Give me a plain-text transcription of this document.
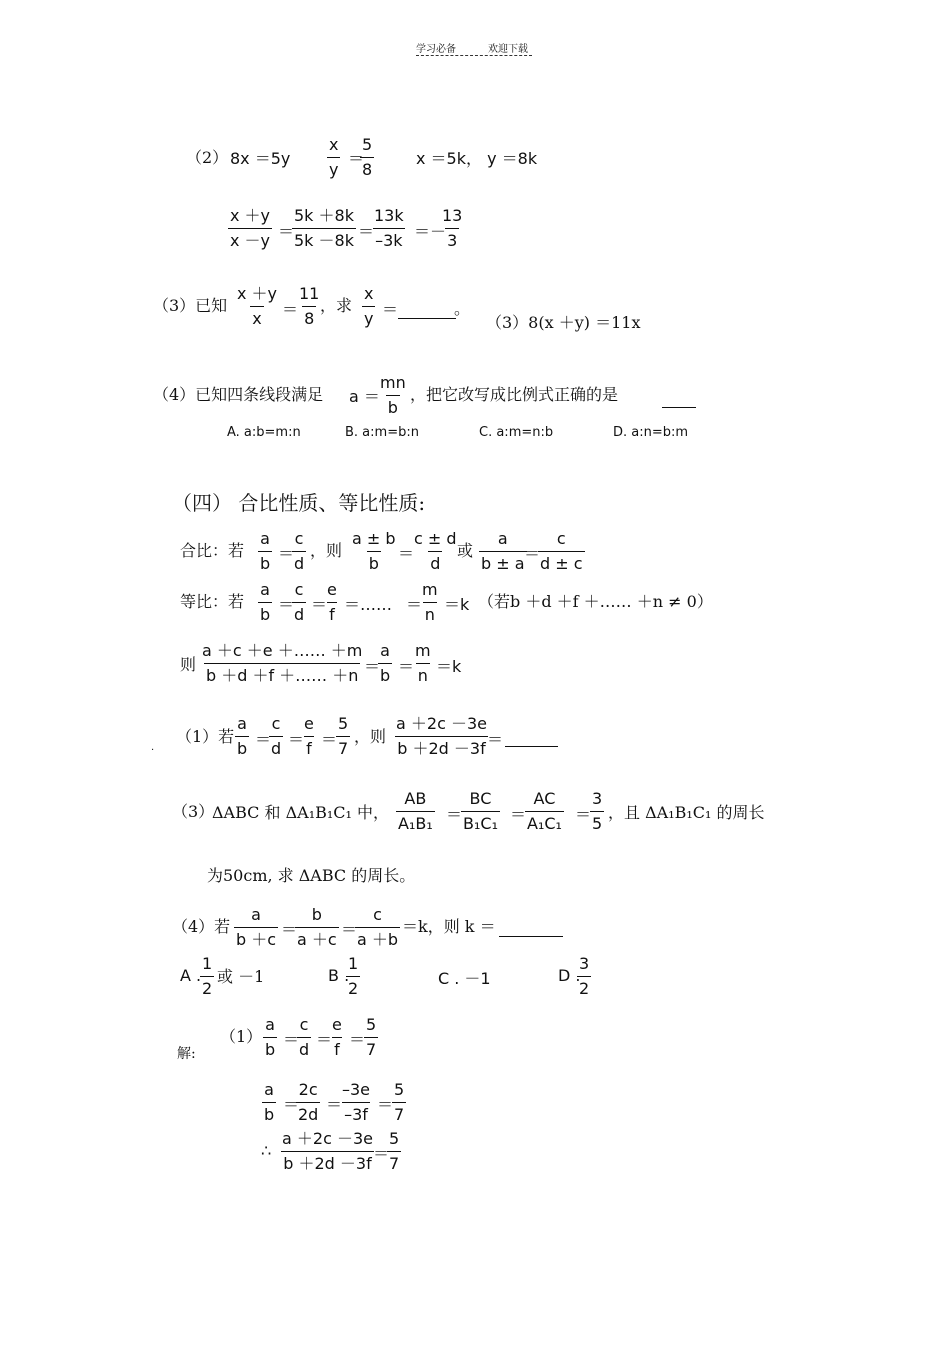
学习必备	欢迎下载
（2） $8x =5y \frac{x}{y}$ ＝
$\frac{5}{8}$	x ＝5k， y ＝8k
$\frac{x +y}{x -y}$ ＝
$\frac{5k +8k}{5k -8k}$ ＝
$\frac{13k}{-3k}$ ＝－
$\frac{13}{3}$
（3）已知 $\frac{x +y}{x}$ ＝
$\frac{11}{8}$
，求 $\frac{x}{y}$ ＝	。
（3）8(x ＋y) ＝11x
（4）已知四条线段满足 a ＝
$\frac{mn}{b}$ ，把它改写成比例式正确的是
A. a:b=m:n	B. a:m=b:n	C. a:m=n:b	D. a:n=b:m
（四） 合比性质、等比性质:
合比：若 $\frac{a}{b}$ ＝
$\frac{c}{d}$ ，则 $\frac{a \pm b}{b}$ ＝
$\frac{c \pm d}{d}$
或 $\frac{a}{b \pm a}$
＝
$\frac{c}{d \pm c}$
等比：若 $\frac{a}{b}$ ＝
$\frac{c}{d}$ ＝
$\frac{e}{f}$ ＝…… ＝
$\frac{m}{n} =k$ （若b ＋d ＋f ＋…… ＋n ≠ 0）
则 $\frac{a +c +e +\dots\dots +m}{b +d +f +\dots\dots +n}$ ＝
$\frac{a}{b}$ ＝
$\frac{m}{n} =k$
（1）若 $\frac{a}{b}$ ＝
$\frac{c}{d}$ ＝
$\frac{e}{f}$ ＝
$\frac{5}{7}$ ，则 $\frac{a +2c -3e}{b +2d -3f}$
＝
.
（3）
ΔABC 和 ΔA₁B₁C₁ 中， $\frac{AB}{\text{A₁B₁}}$ ＝
$\frac{BC}{\text{B₁C₁}}$ ＝
$\frac{AC}{\text{A₁C₁}}$ ＝
$\frac{3}{5}$ ，且 ΔA₁B₁C₁ 的周长
为50cm, 求 ΔABC 的周长。
（4）若 $\frac{a}{b +c}$ ＝
$\frac{b}{a +c}$ ＝
$\frac{c}{a +b} =k$，则 k ＝
A .
$\frac{1}{2}$ 或 －1	B .
$\frac{1}{2}$	C . －1	D .
$\frac{3}{2}$
（1）
解:	$\frac{a}{b}$ ＝
$\frac{c}{d}$ ＝
$\frac{e}{f}$ ＝
$\frac{5}{7}$
$\frac{a}{b}$ ＝
$\frac{2c}{2d}$ ＝
$\frac{-3e}{-3f}$ ＝
$\frac{5}{7}$
∴ $\frac{a +2c -3e}{b +2d -3f}$
＝
$\frac{5}{7}$
